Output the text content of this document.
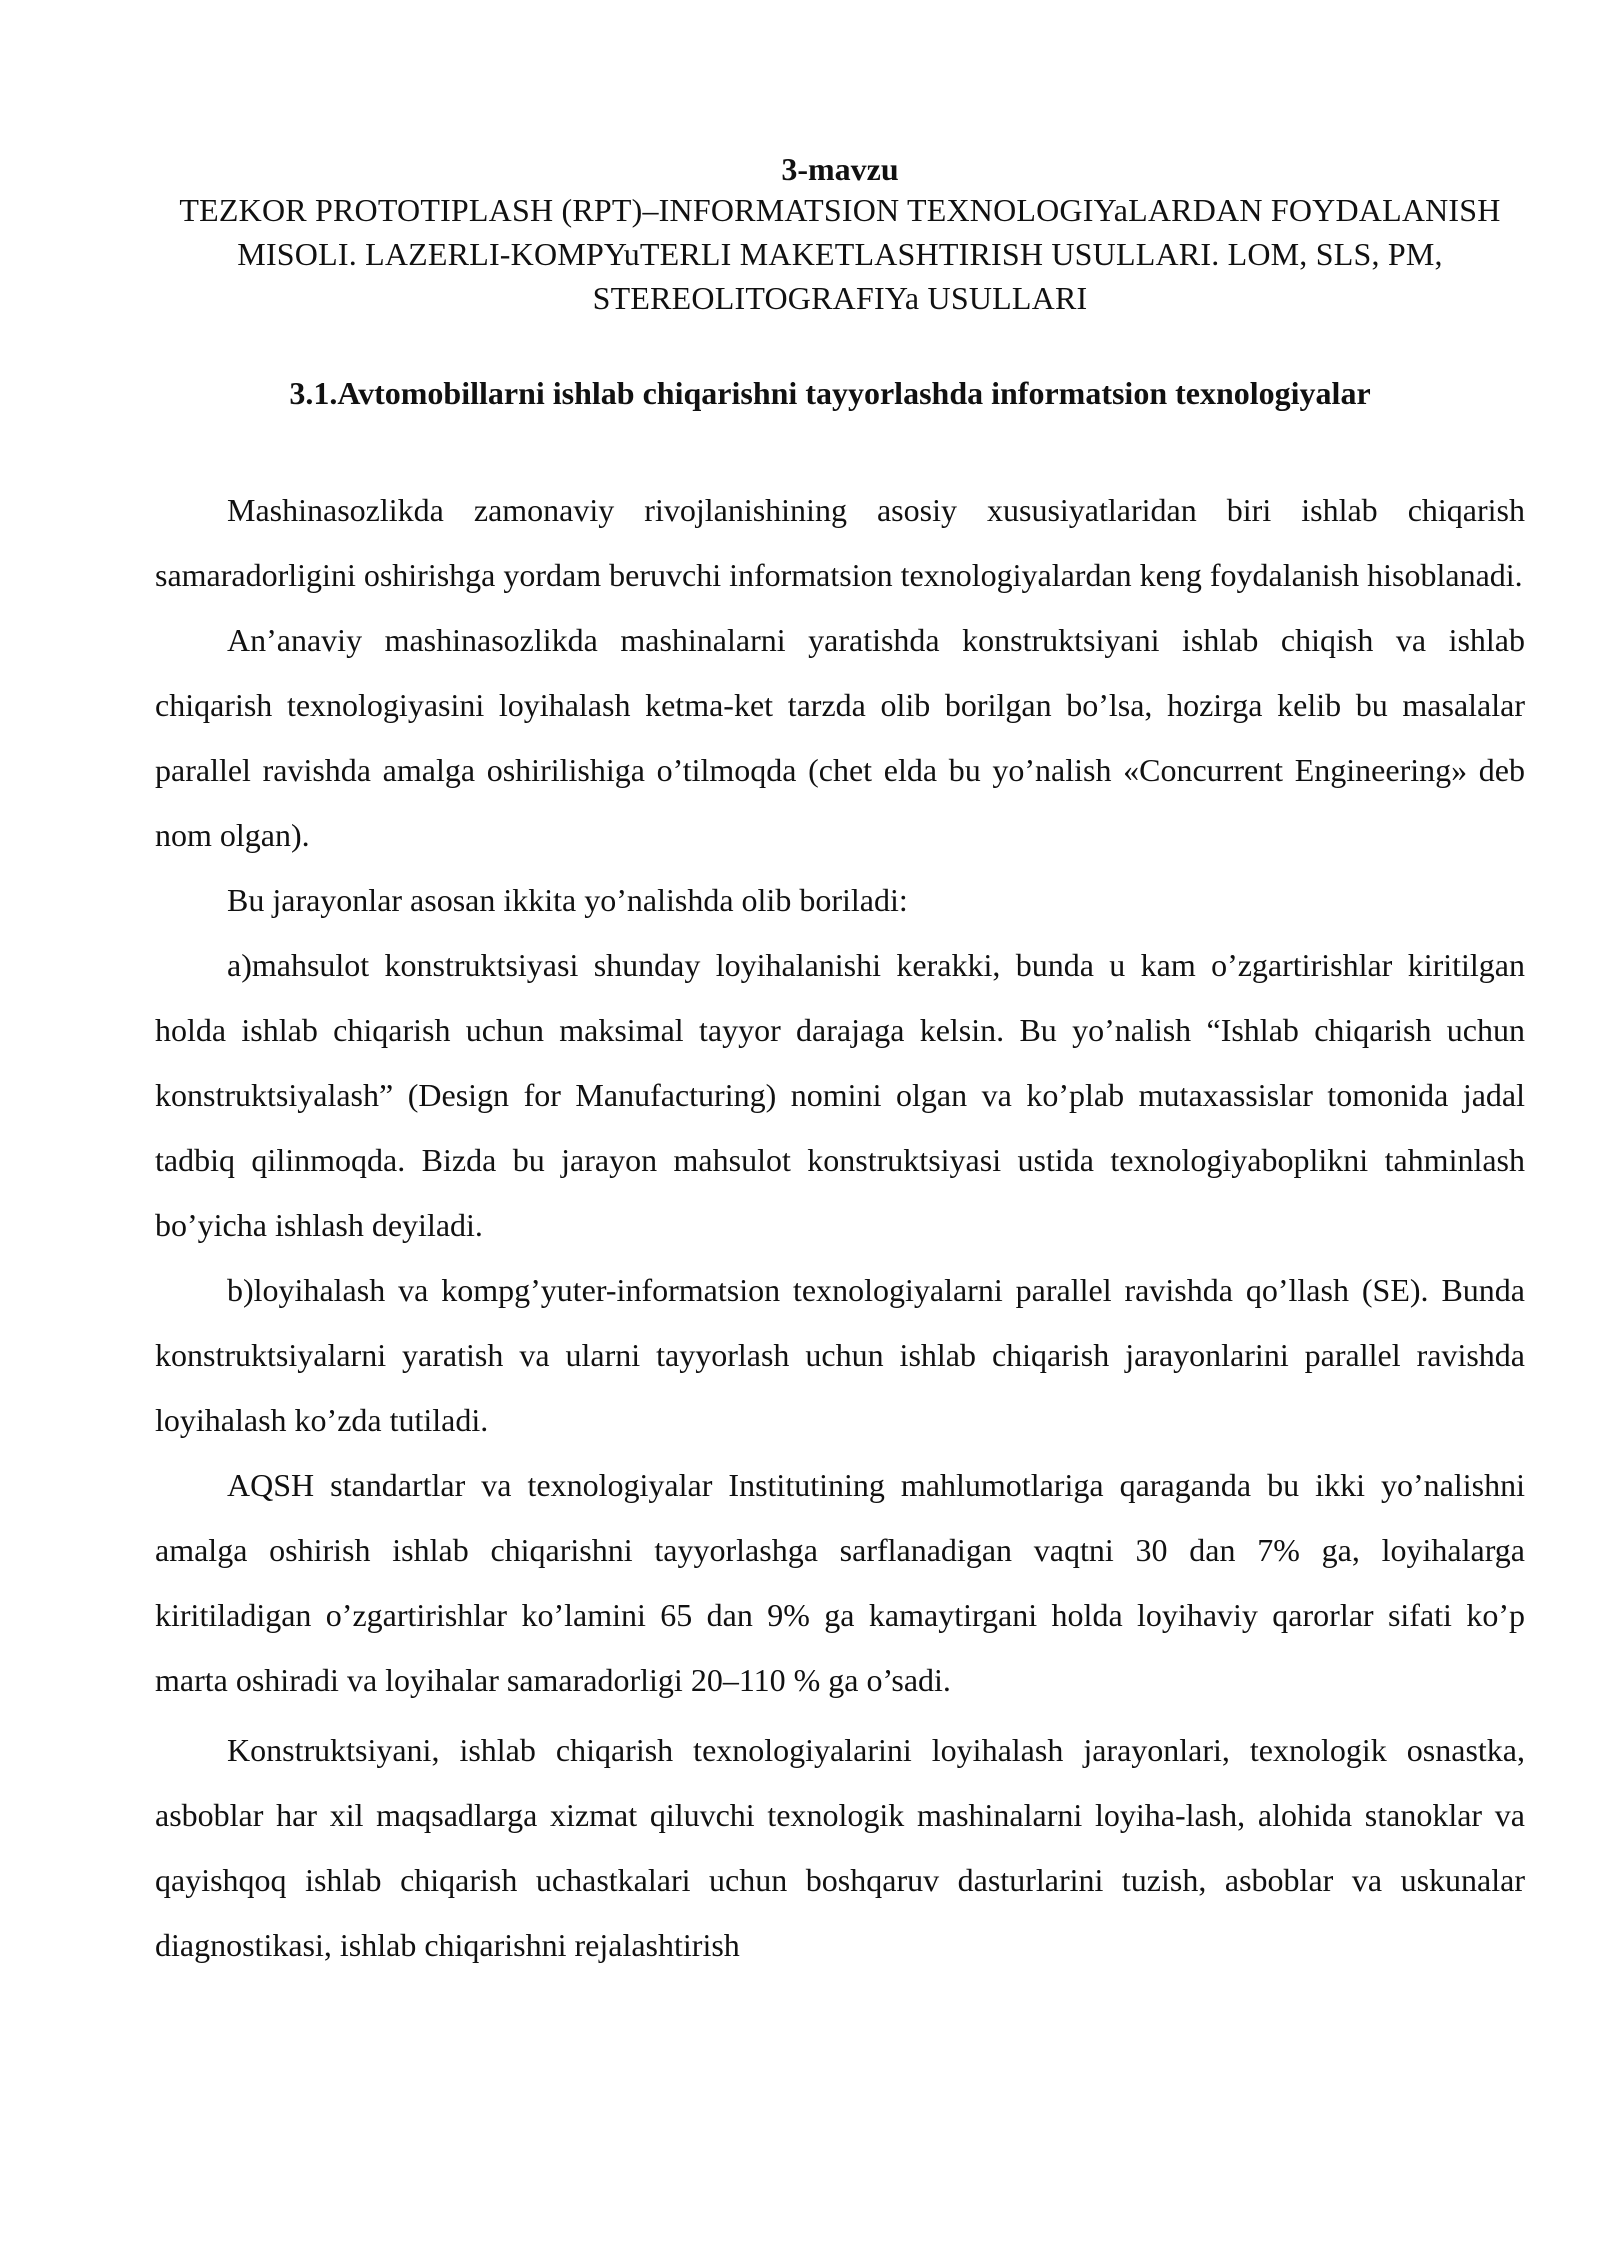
3-mavzu

TEZKOR PROTOTIPLASH (RPT)–INFORMATSION TEXNOLOGIYaLARDAN FOYDALANISH MISOLI. LAZERLI-KOMPYuTERLI MAKETLASHTIRISH USULLARI. LOM, SLS, PM, STEREOLITOGRAFIYa USULLARI

3.1.Avtomobillarni ishlab chiqarishni tayyorlashda informatsion texnologiyalar

Mashinasozlikda zamonaviy rivojlanishining asosiy xususiyatlaridan biri ishlab chiqarish samaradorligini oshirishga yordam beruvchi informatsion texnologiyalardan keng foydalanish hisoblanadi.

An’anaviy mashinasozlikda mashinalarni yaratishda konstruktsiyani ishlab chiqish va ishlab chiqarish texnologiyasini loyihalash ketma-ket tarzda olib borilgan bo’lsa, hozirga kelib bu masalalar parallel ravishda amalga oshirilishiga o’tilmoqda (chet elda bu yo’nalish «Concurrent Engineering» deb nom olgan).

Bu jarayonlar asosan ikkita yo’nalishda olib boriladi:

a)mahsulot konstruktsiyasi shunday loyihalanishi kerakki, bunda u kam o’zgartirishlar kiritilgan holda ishlab chiqarish uchun maksimal tayyor darajaga kelsin. Bu yo’nalish “Ishlab chiqarish uchun konstruktsiyalash” (Design for Manufacturing) nomini olgan va ko’plab mutaxassislar tomonida jadal tadbiq qilinmoqda. Bizda bu jarayon mahsulot konstruktsiyasi ustida texnologiyaboplikni tahminlash bo’yicha ishlash deyiladi.

b)loyihalash va kompg’yuter-informatsion texnologiyalarni parallel ravishda qo’llash (SE). Bunda konstruktsiyalarni yaratish va ularni tayyorlash uchun ishlab chiqarish jarayonlarini parallel ravishda loyihalash ko’zda tutiladi.

AQSH standartlar va texnologiyalar Institutining mahlumotlariga qaraganda bu ikki yo’nalishni amalga oshirish ishlab chiqarishni tayyorlashga sarflanadigan vaqtni 30 dan 7% ga, loyihalarga kiritiladigan o’zgartirishlar ko’lamini 65 dan 9% ga kamaytirgani holda loyihaviy qarorlar sifati ko’p marta oshiradi va loyihalar samaradorligi 20–110 % ga o’sadi.

Konstruktsiyani, ishlab chiqarish texnologiyalarini loyihalash jarayonlari, texnologik osnastka, asboblar har xil maqsadlarga xizmat qiluvchi texnologik mashinalarni loyiha-lash, alohida stanoklar va qayishqoq ishlab chiqarish uchastkalari uchun boshqaruv dasturlarini tuzish, asboblar va uskunalar diagnostikasi, ishlab chiqarishni rejalashtirish
